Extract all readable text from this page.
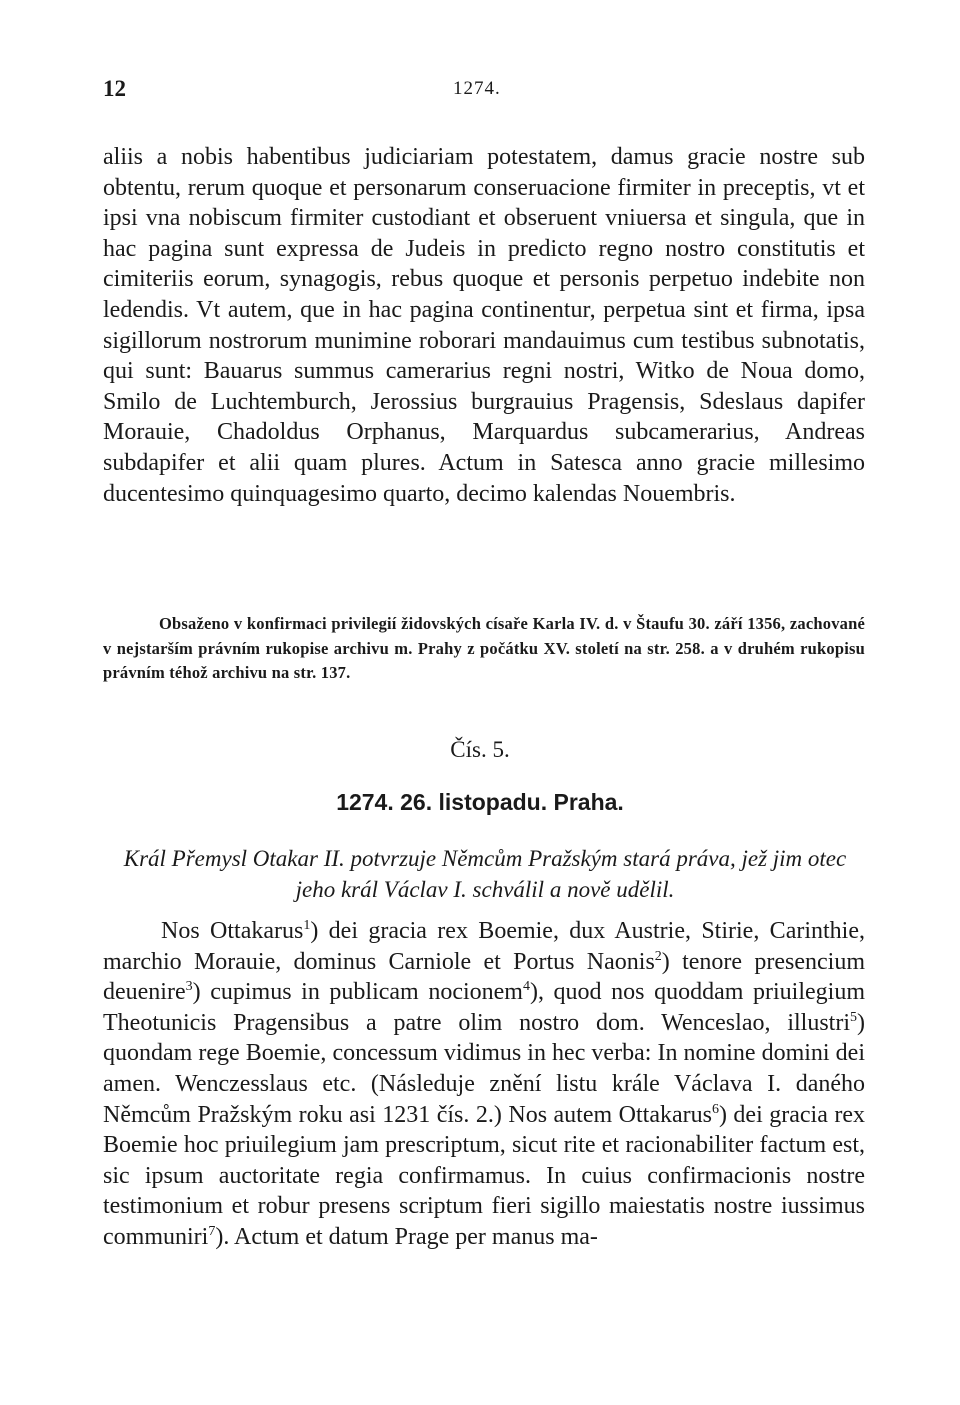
12	1274.
aliis a nobis habentibus judiciariam potestatem, damus gracie nostre sub obtentu, rerum quoque et personarum conseruacione firmiter in preceptis, vt et ipsi vna nobiscum firmiter custodiant et obseruent vniuersa et singula, que in hac pagina sunt expressa de Judeis in predicto regno nostro constitutis et cimiteriis eorum, synagogis, rebus quoque et personis perpetuo indebite non ledendis. Vt autem, que in hac pagina continentur, perpetua sint et firma, ipsa sigillorum nostrorum munimine roborari mandauimus cum testibus subnotatis, qui sunt: Bauarus summus camerarius regni nostri, Witko de Noua domo, Smilo de Luchtemburch, Jerossius burgrauius Pragensis, Sdeslaus dapifer Morauie, Chadoldus Orphanus, Marquardus subcamerarius, Andreas subdapifer et alii quam plures. Actum in Satesca anno gracie millesimo ducentesimo quinquagesimo quarto, decimo kalendas Nouembris.
Obsaženo v konfirmaci privilegií židovských císaře Karla IV. d. v Štaufu 30. září 1356, zachované v nejstarším právním rukopise archivu m. Prahy z počátku XV. století na str. 258. a v druhém rukopisu právním téhož archivu na str. 137.
Čís. 5.
1274. 26. listopadu. Praha.
Král Přemysl Otakar II. potvrzuje Němcům Pražským stará práva, jež jim otec jeho král Václav I. schválil a nově udělil.
Nos Ottakarus$^1$) dei gracia rex Boemie, dux Austrie, Stirie, Carinthie, marchio Morauie, dominus Carniole et Portus Naonis$^2$) tenore presencium deuenire$^3$) cupimus in publicam nocionem$^4$), quod nos quoddam priuilegium Theotunicis Pragensibus a patre olim nostro dom. Wenceslao, illustri$^5$) quondam rege Boemie, concessum vidimus in hec verba: In nomine domini dei amen. Wenczesslaus etc. (Následuje znění listu krále Václava I. daného Němcům Pražským roku asi 1231 čís. 2.) Nos autem Ottakarus$^6$) dei gracia rex Boemie hoc priuilegium jam prescriptum, sicut rite et racionabiliter factum est, sic ipsum auctoritate regia confirmamus. In cuius confirmacionis nostre testimonium et robur presens scriptum fieri sigillo maiestatis nostre iussimus communiri$^7$). Actum et datum Prage per manus ma-
